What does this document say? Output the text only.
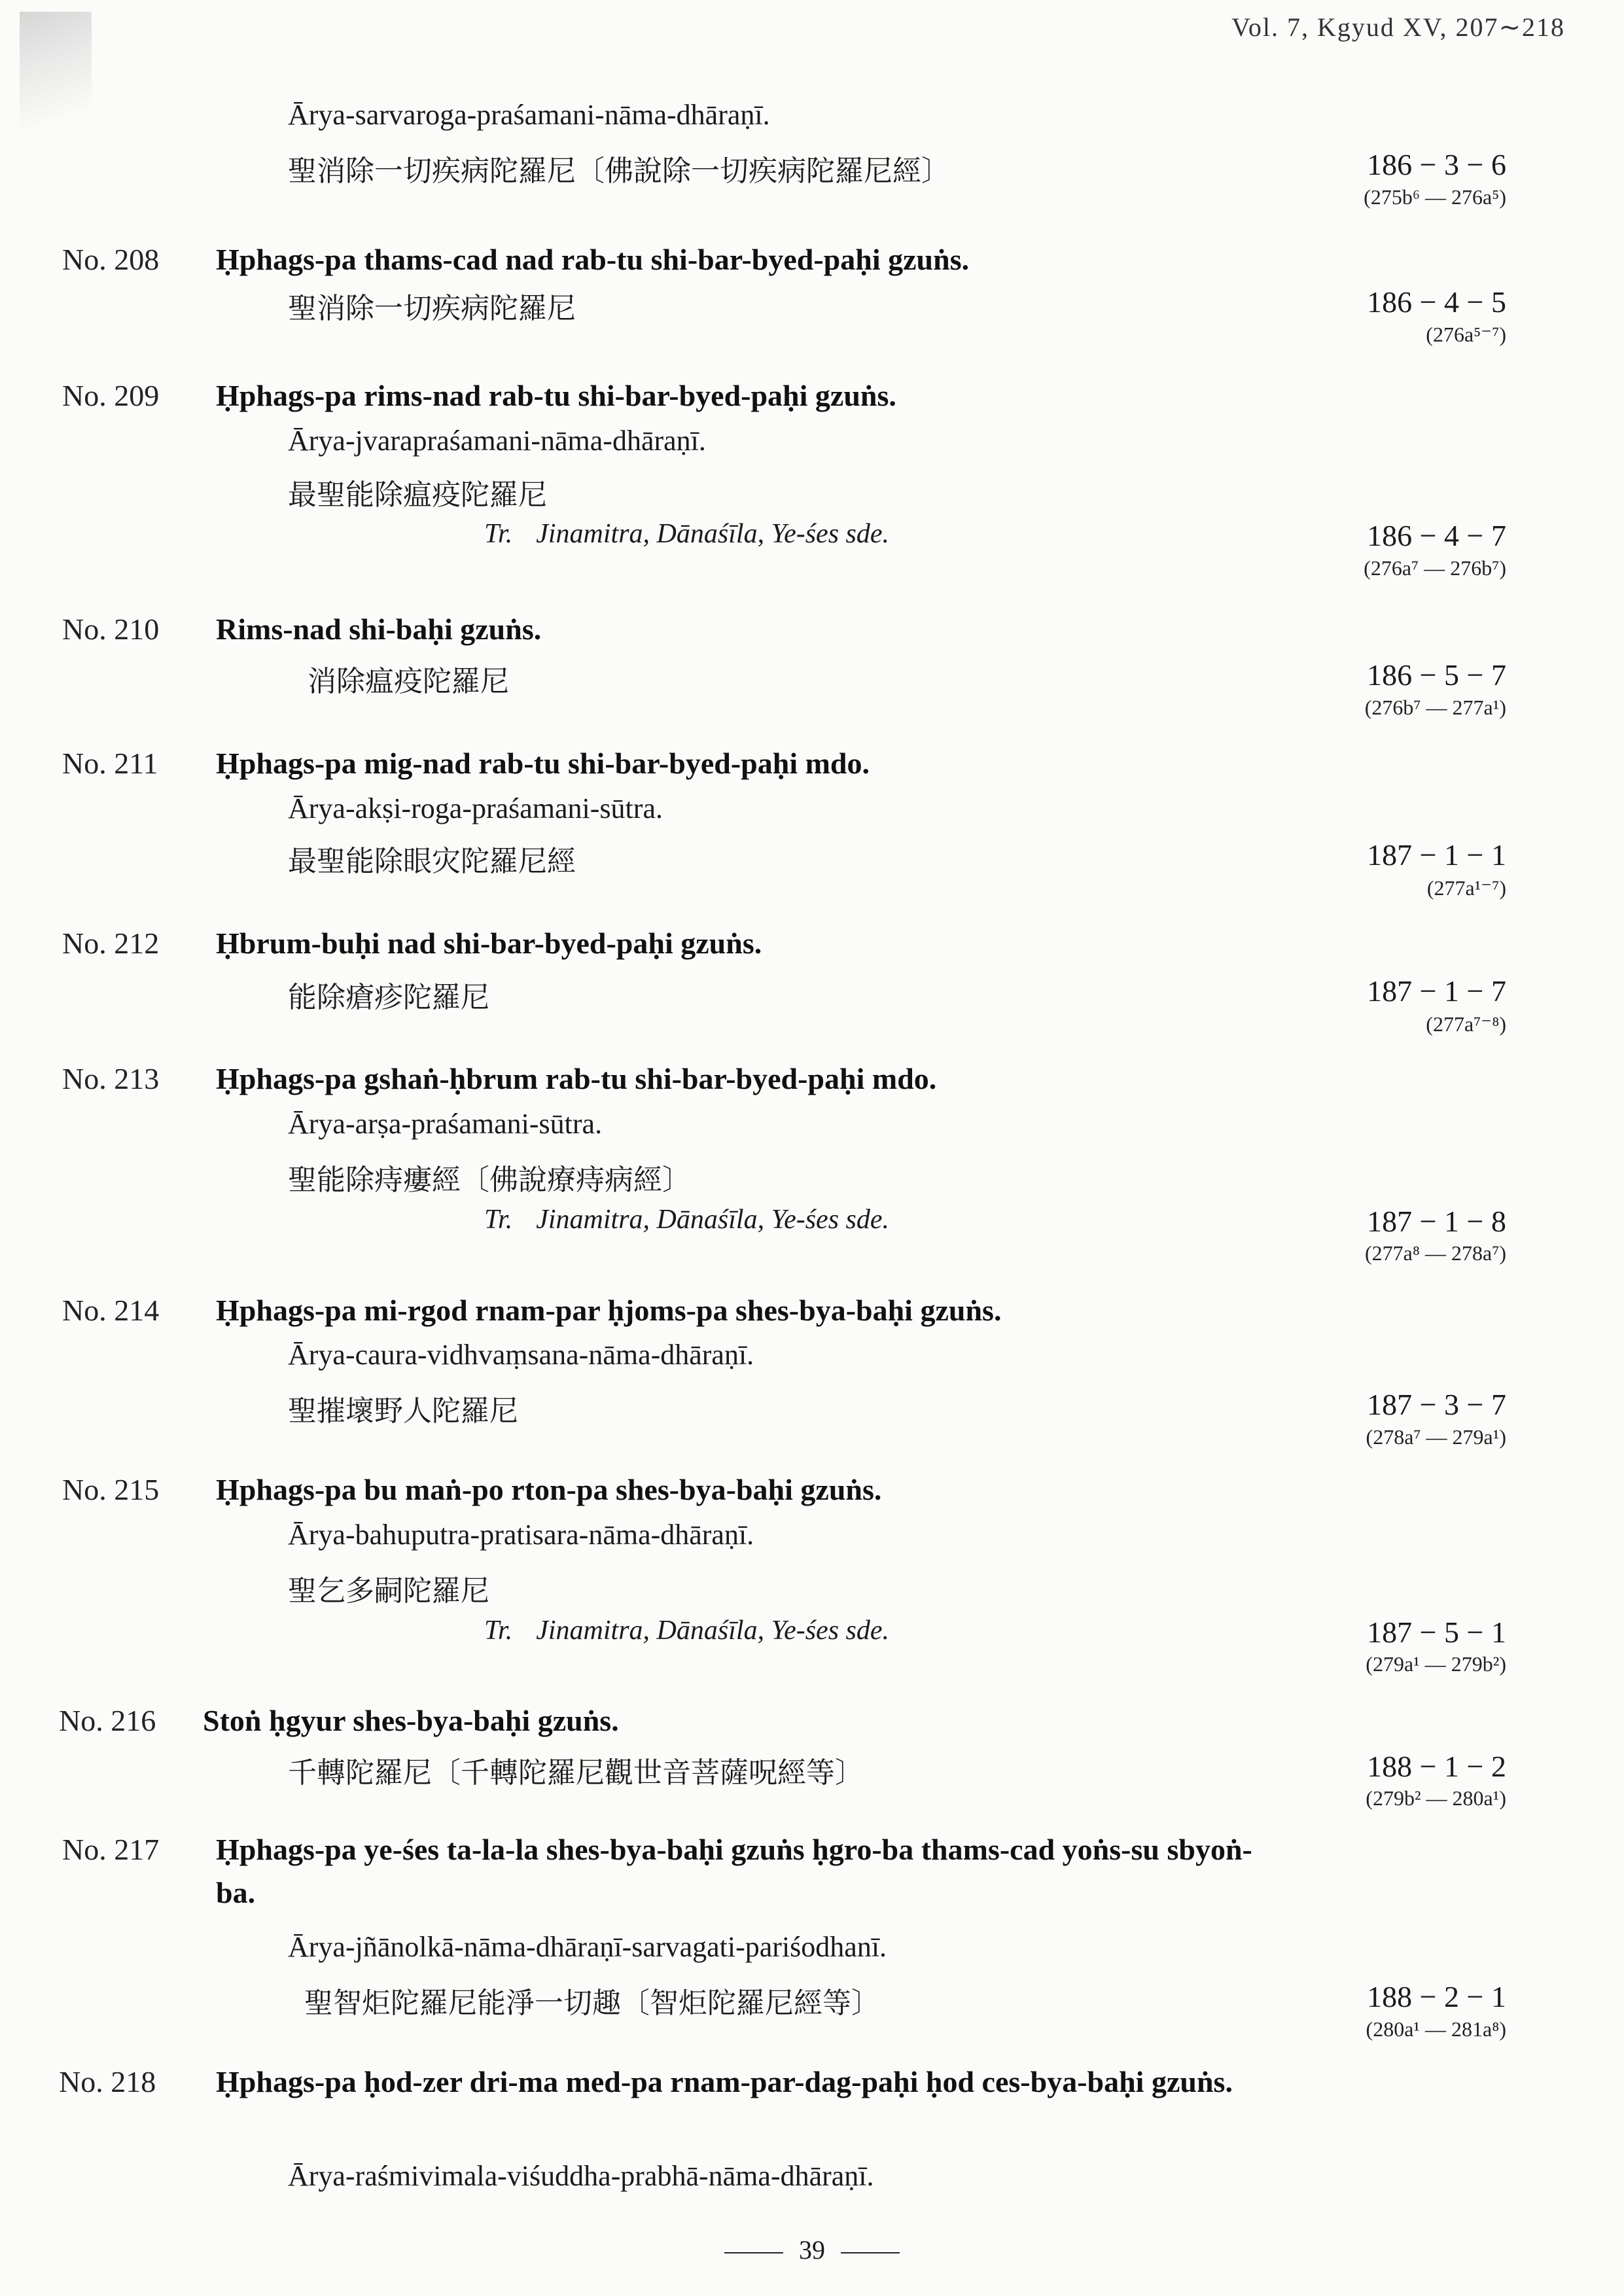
Vol. 7, Kgyud XV, 207∼218
Ārya-sarvaroga-praśamani-nāma-dhāraṇī.
聖消除一切疾病陀羅尼〔佛說除一切疾病陀羅尼經〕	186 − 3 − 6
(275b⁶ — 276a⁵)
No. 208 Ḥphags-pa thams-cad nad rab-tu shi-bar-byed-paḥi gzuṅs.
聖消除一切疾病陀羅尼	186 − 4 − 5
(276a⁵⁻⁷)
No. 209 Ḥphags-pa rims-nad rab-tu shi-bar-byed-paḥi gzuṅs.
Ārya-jvarapraśamani-nāma-dhāraṇī.
最聖能除瘟疫陀羅尼
Tr. Jinamitra, Dānaśīla, Ye-śes sde.	186 − 4 − 7
(276a⁷ — 276b⁷)
No. 210 Rims-nad shi-baḥi gzuṅs.
消除瘟疫陀羅尼	186 − 5 − 7
(276b⁷ — 277a¹)
No. 211 Ḥphags-pa mig-nad rab-tu shi-bar-byed-paḥi mdo.
Ārya-akṣi-roga-praśamani-sūtra.
最聖能除眼灾陀羅尼經	187 − 1 − 1
(277a¹⁻⁷)
No. 212 Ḥbrum-buḥi nad shi-bar-byed-paḥi gzuṅs.
能除瘡疹陀羅尼	187 − 1 − 7
(277a⁷⁻⁸)
No. 213 Ḥphags-pa gshaṅ-ḥbrum rab-tu shi-bar-byed-paḥi mdo.
Ārya-arṣa-praśamani-sūtra.
聖能除痔瘻經〔佛說療痔病經〕
Tr. Jinamitra, Dānaśīla, Ye-śes sde.	187 − 1 − 8
(277a⁸ — 278a⁷)
No. 214 Ḥphags-pa mi-rgod rnam-par ḥjoms-pa shes-bya-baḥi gzuṅs.
Ārya-caura-vidhvaṃsana-nāma-dhāraṇī.
聖摧壞野人陀羅尼	187 − 3 − 7
(278a⁷ — 279a¹)
No. 215 Ḥphags-pa bu maṅ-po rton-pa shes-bya-baḥi gzuṅs.
Ārya-bahuputra-pratisara-nāma-dhāraṇī.
聖乞多嗣陀羅尼
Tr. Jinamitra, Dānaśīla, Ye-śes sde.	187 − 5 − 1
(279a¹ — 279b²)
No. 216 Stoṅ ḥgyur shes-bya-baḥi gzuṅs.
千轉陀羅尼〔千轉陀羅尼觀世音菩薩呪經等〕	188 − 1 − 2
(279b² — 280a¹)
No. 217 Ḥphags-pa ye-śes ta-la-la shes-bya-baḥi gzuṅs ḥgro-ba thams-cad yoṅs-su sbyoṅ-ba.
Ārya-jñānolkā-nāma-dhāraṇī-sarvagati-pariśodhanī.
聖智炬陀羅尼能淨一切趣〔智炬陀羅尼經等〕	188 − 2 − 1
(280a¹ — 281a⁸)
No. 218 Ḥphags-pa ḥod-zer dri-ma med-pa rnam-par-dag-paḥi ḥod ces-bya-baḥi gzuṅs.
Ārya-raśmivimala-viśuddha-prabhā-nāma-dhāraṇī.
39
